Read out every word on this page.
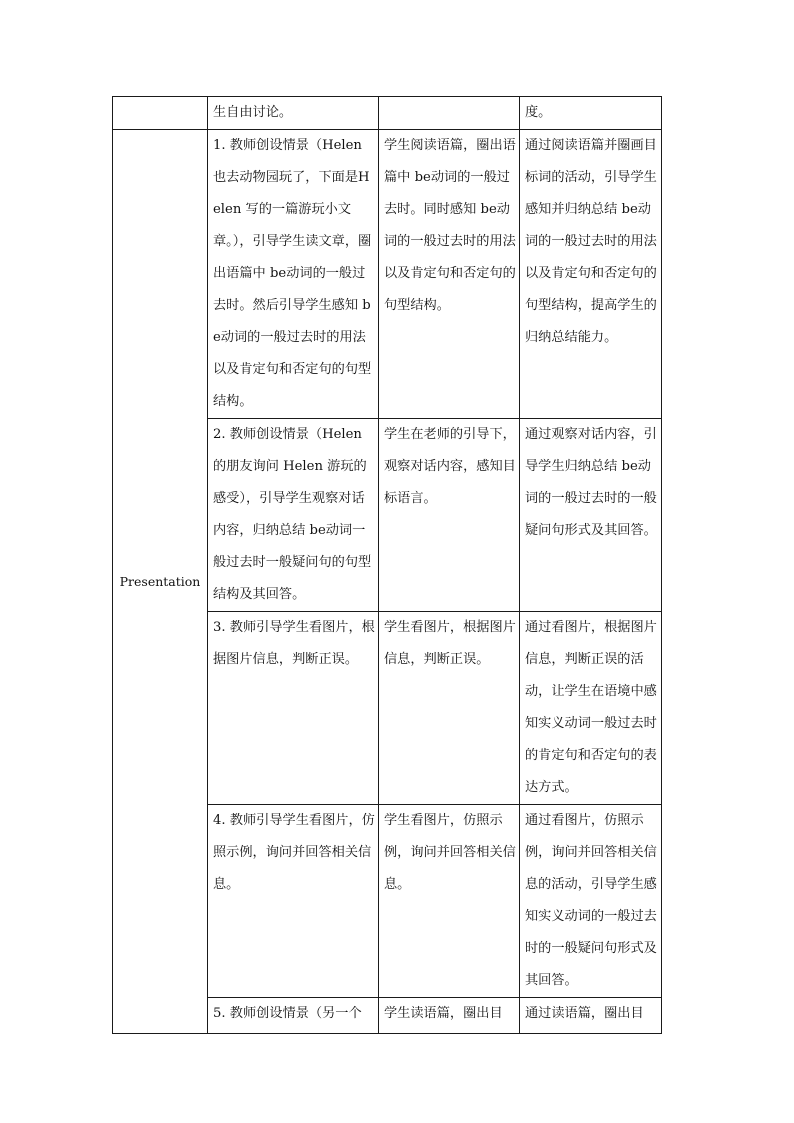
	生自由讨论。		度。
Presentation	1. 教师创设情景（Helen也去动物园玩了，下面是Helen 写的一篇游玩小文章。），引导学生读文章，圈出语篇中 be动词的一般过去时。然后引导学生感知 be动词的一般过去时的用法以及肯定句和否定句的句型结构。	学生阅读语篇，圈出语篇中 be动词的一般过去时。同时感知 be动词的一般过去时的用法以及肯定句和否定句的句型结构。	通过阅读语篇并圈画目标词的活动，引导学生感知并归纳总结 be动词的一般过去时的用法以及肯定句和否定句的句型结构，提高学生的归纳总结能力。
	2. 教师创设情景（Helen的朋友询问 Helen 游玩的感受），引导学生观察对话内容，归纳总结 be动词一般过去时一般疑问句的句型结构及其回答。	学生在老师的引导下，观察对话内容，感知目标语言。	通过观察对话内容，引导学生归纳总结 be动词的一般过去时的一般疑问句形式及其回答。
	3. 教师引导学生看图片，根据图片信息，判断正误。	学生看图片，根据图片信息，判断正误。	通过看图片，根据图片信息，判断正误的活动，让学生在语境中感知实义动词一般过去时的肯定句和否定句的表达方式。
	4. 教师引导学生看图片，仿照示例，询问并回答相关信息。	学生看图片，仿照示例，询问并回答相关信息。	通过看图片，仿照示例，询问并回答相关信息的活动，引导学生感知实义动词的一般过去时的一般疑问句形式及其回答。
	5. 教师创设情景（另一个	学生读语篇，圈出目	通过读语篇，圈出目
